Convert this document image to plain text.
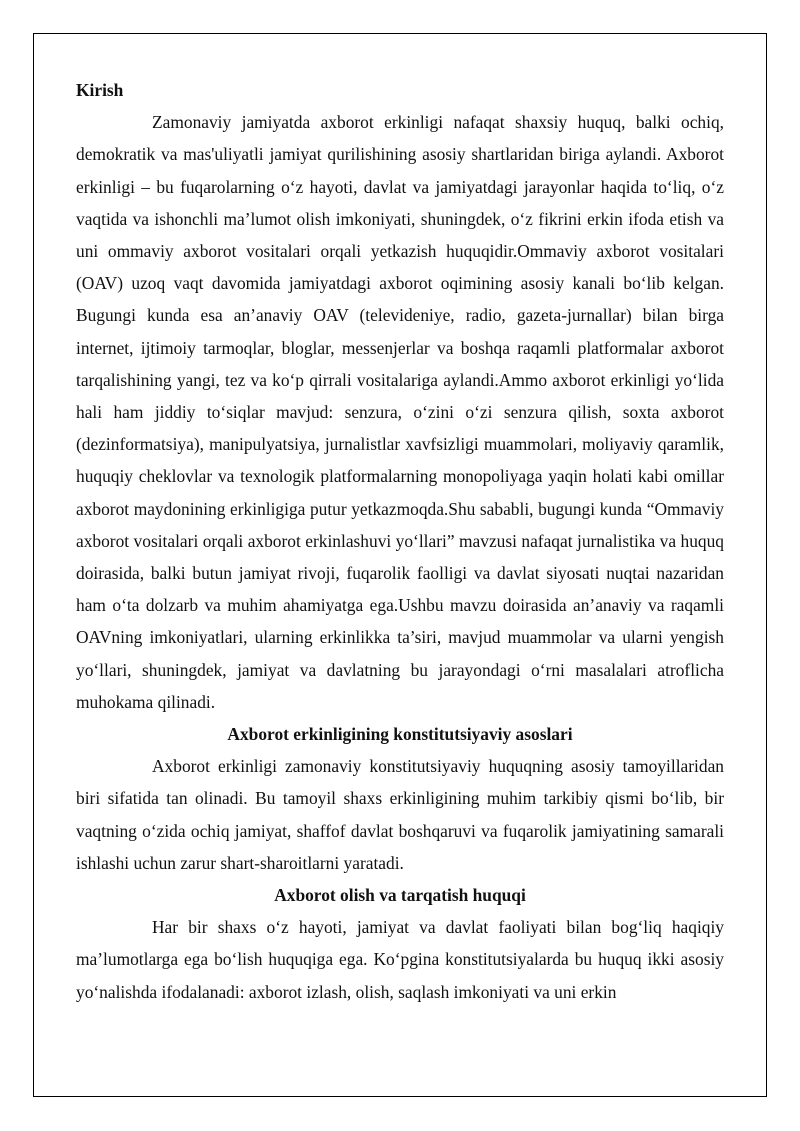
Kirish

Zamonaviy jamiyatda axborot erkinligi nafaqat shaxsiy huquq, balki ochiq, demokratik va mas'uliyatli jamiyat qurilishining asosiy shartlaridan biriga aylandi. Axborot erkinligi – bu fuqarolarning o‘z hayoti, davlat va jamiyatdagi jarayonlar haqida to‘liq, o‘z vaqtida va ishonchli ma’lumot olish imkoniyati, shuningdek, o‘z fikrini erkin ifoda etish va uni ommaviy axborot vositalari orqali yetkazish huquqidir.Ommaviy axborot vositalari (OAV) uzoq vaqt davomida jamiyatdagi axborot oqimining asosiy kanali bo‘lib kelgan. Bugungi kunda esa an’anaviy OAV (televideniye, radio, gazeta-jurnallar) bilan birga internet, ijtimoiy tarmoqlar, bloglar, messenjerlar va boshqa raqamli platformalar axborot tarqalishining yangi, tez va ko‘p qirrali vositalariga aylandi.Ammo axborot erkinligi yo‘lida hali ham jiddiy to‘siqlar mavjud: senzura, o‘zini o‘zi senzura qilish, soxta axborot (dezinformatsiya), manipulyatsiya, jurnalistlar xavfsizligi muammolari, moliyaviy qaramlik, huquqiy cheklovlar va texnologik platformalarning monopoliyaga yaqin holati kabi omillar axborot maydonining erkinligiga putur yetkazmoqda.Shu sababli, bugungi kunda “Ommaviy axborot vositalari orqali axborot erkinlashuvi yo‘llari” mavzusi nafaqat jurnalistika va huquq doirasida, balki butun jamiyat rivoji, fuqarolik faolligi va davlat siyosati nuqtai nazaridan ham o‘ta dolzarb va muhim ahamiyatga ega.Ushbu mavzu doirasida an’anaviy va raqamli OAVning imkoniyatlari, ularning erkinlikka ta’siri, mavjud muammolar va ularni yengish yo‘llari, shuningdek, jamiyat va davlatning bu jarayondagi o‘rni masalalari atroflicha muhokama qilinadi.

Axborot erkinligining konstitutsiyaviy asoslari

Axborot erkinligi zamonaviy konstitutsiyaviy huquqning asosiy tamoyillaridan biri sifatida tan olinadi. Bu tamoyil shaxs erkinligining muhim tarkibiy qismi bo‘lib, bir vaqtning o‘zida ochiq jamiyat, shaffof davlat boshqaruvi va fuqarolik jamiyatining samarali ishlashi uchun zarur shart-sharoitlarni yaratadi.

Axborot olish va tarqatish huquqi

Har bir shaxs o‘z hayoti, jamiyat va davlat faoliyati bilan bog‘liq haqiqiy ma’lumotlarga ega bo‘lish huquqiga ega. Ko‘pgina konstitutsiyalarda bu huquq ikki asosiy yo‘nalishda ifodalanadi: axborot izlash, olish, saqlash imkoniyati va uni erkin
